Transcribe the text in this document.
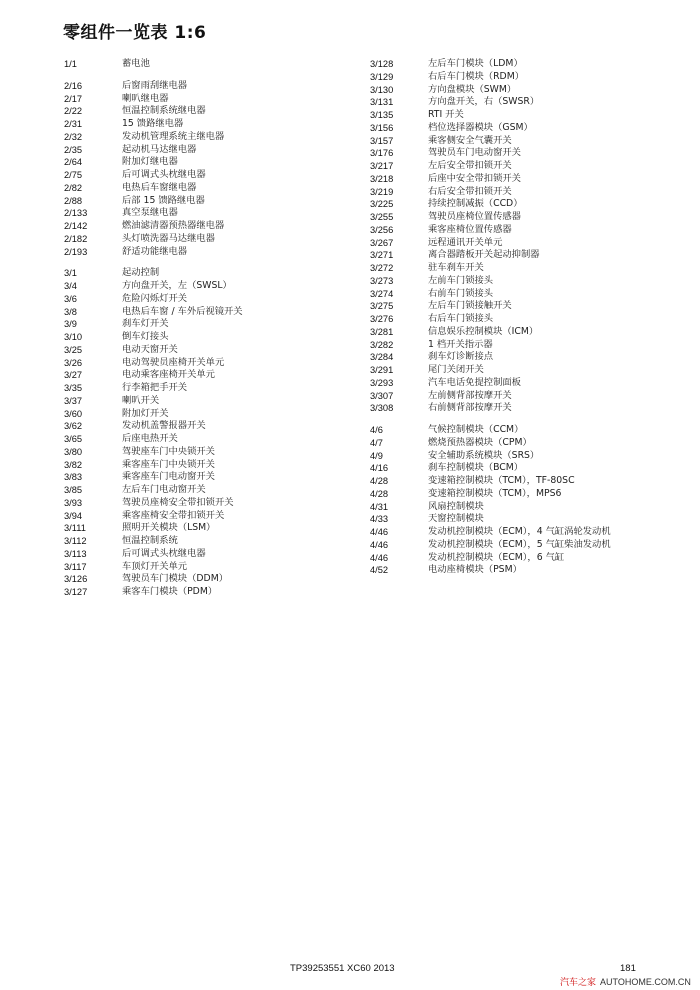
零组件一览表 1:6
1/1	蓄电池
2/16	后窗雨刮继电器
2/17	喇叭继电器
2/22	恒温控制系统继电器
2/31	15 馈路继电器
2/32	发动机管理系统主继电器
2/35	起动机马达继电器
2/64	附加灯继电器
2/75	后可调式头枕继电器
2/82	电热后车窗继电器
2/88	后部 15 馈路继电器
2/133	真空泵继电器
2/142	燃油滤清器预热器继电器
2/182	头灯喷洗器马达继电器
2/193	舒适功能继电器
3/1	起动控制
3/4	方向盘开关，左（SWSL）
3/6	危险闪烁灯开关
3/8	电热后车窗 / 车外后视镜开关
3/9	刹车灯开关
3/10	倒车灯接头
3/25	电动天窗开关
3/26	电动驾驶员座椅开关单元
3/27	电动乘客座椅开关单元
3/35	行李箱把手开关
3/37	喇叭开关
3/60	附加灯开关
3/62	发动机盖警报器开关
3/65	后座电热开关
3/80	驾驶座车门中央锁开关
3/82	乘客座车门中央锁开关
3/83	乘客座车门电动窗开关
3/85	左后车门电动窗开关
3/93	驾驶员座椅安全带扣锁开关
3/94	乘客座椅安全带扣锁开关
3/111	照明开关模块（LSM）
3/112	恒温控制系统
3/113	后可调式头枕继电器
3/117	车顶灯开关单元
3/126	驾驶员车门模块（DDM）
3/127	乘客车门模块（PDM）
3/128	左后车门模块（LDM）
3/129	右后车门模块（RDM）
3/130	方向盘模块（SWM）
3/131	方向盘开关，右（SWSR）
3/135	RTI 开关
3/156	档位选择器模块（GSM）
3/157	乘客侧安全气囊开关
3/176	驾驶员车门电动窗开关
3/217	左后安全带扣锁开关
3/218	后座中安全带扣锁开关
3/219	右后安全带扣锁开关
3/225	持续控制减振（CCD）
3/255	驾驶员座椅位置传感器
3/256	乘客座椅位置传感器
3/267	远程通讯开关单元
3/271	离合器踏板开关起动抑制器
3/272	驻车刹车开关
3/273	左前车门锁接头
3/274	右前车门锁接头
3/275	左后车门锁接触开关
3/276	右后车门锁接头
3/281	信息娱乐控制模块（ICM）
3/282	1 档开关指示器
3/284	刹车灯诊断接点
3/291	尾门关闭开关
3/293	汽车电话免提控制面板
3/307	左前侧背部按摩开关
3/308	右前侧背部按摩开关
4/6	气候控制模块（CCM）
4/7	燃烧预热器模块（CPM）
4/9	安全辅助系统模块（SRS）
4/16	刹车控制模块（BCM）
4/28	变速箱控制模块（TCM），TF-80SC
4/28	变速箱控制模块（TCM），MPS6
4/31	风扇控制模块
4/33	天窗控制模块
4/46	发动机控制模块（ECM），4 气缸涡轮发动机
4/46	发动机控制模块（ECM），5 气缸柴油发动机
4/46	发动机控制模块（ECM），6 气缸
4/52	电动座椅模块（PSM）
TP39253551 XC60 2013	181
汽车之家 AUTOHOME.COM.CN
